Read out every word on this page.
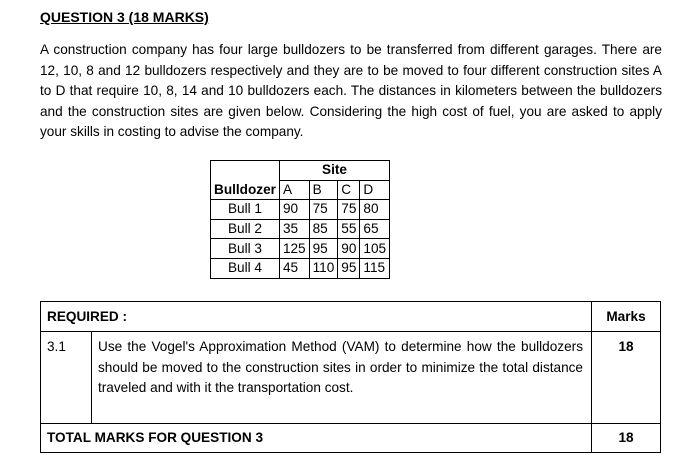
QUESTION 3 (18 MARKS)
A construction company has four large bulldozers to be transferred from different garages. There are 12, 10, 8 and 12 bulldozers respectively and they are to be moved to four different construction sites A to D that require 10, 8, 14 and 10 bulldozers each. The distances in kilometers between the bulldozers and the construction sites are given below. Considering the high cost of fuel, you are asked to apply your skills in costing to advise the company.
	Site			
Bulldozer	A	B	C	D
Bull 1	90	75	75	80
Bull 2	35	85	55	65
Bull 3	125	95	90	105
Bull 4	45	110	95	115
REQUIRED :		Marks
3.1	Use the Vogel's Approximation Method (VAM) to determine how the bulldozers should be moved to the construction sites in order to minimize the total distance traveled and with it the transportation cost.	18
TOTAL MARKS FOR QUESTION 3		18
